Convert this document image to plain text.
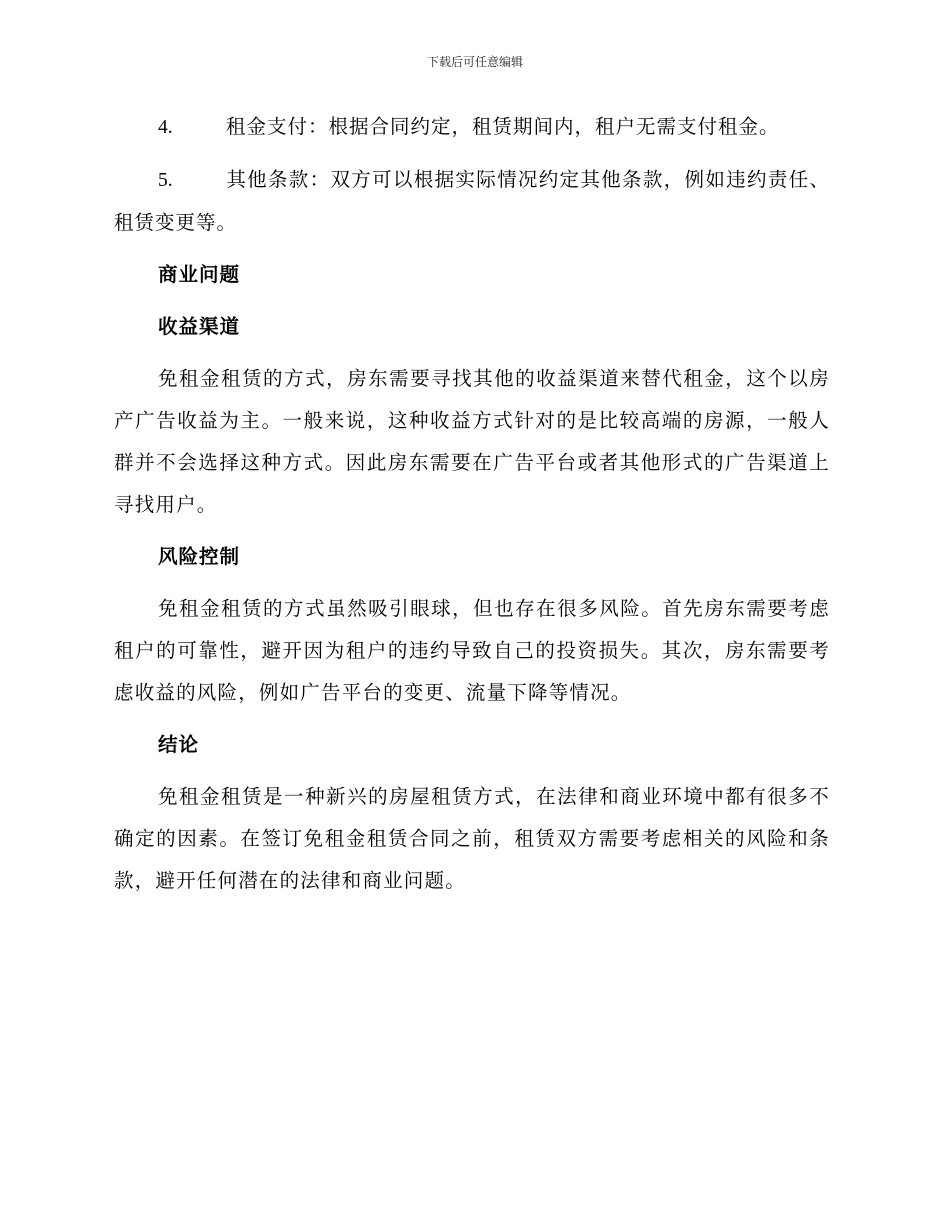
下载后可任意编辑
4.	租金支付：根据合同约定，租赁期间内，租户无需支付租金。
5.	其他条款：双方可以根据实际情况约定其他条款，例如违约责任、租赁变更等。
商业问题
收益渠道
免租金租赁的方式，房东需要寻找其他的收益渠道来替代租金，这个以房产广告收益为主。一般来说，这种收益方式针对的是比较高端的房源，一般人群并不会选择这种方式。因此房东需要在广告平台或者其他形式的广告渠道上寻找用户。
风险控制
免租金租赁的方式虽然吸引眼球，但也存在很多风险。首先房东需要考虑租户的可靠性，避开因为租户的违约导致自己的投资损失。其次，房东需要考虑收益的风险，例如广告平台的变更、流量下降等情况。
结论
免租金租赁是一种新兴的房屋租赁方式，在法律和商业环境中都有很多不确定的因素。在签订免租金租赁合同之前，租赁双方需要考虑相关的风险和条款，避开任何潜在的法律和商业问题。
